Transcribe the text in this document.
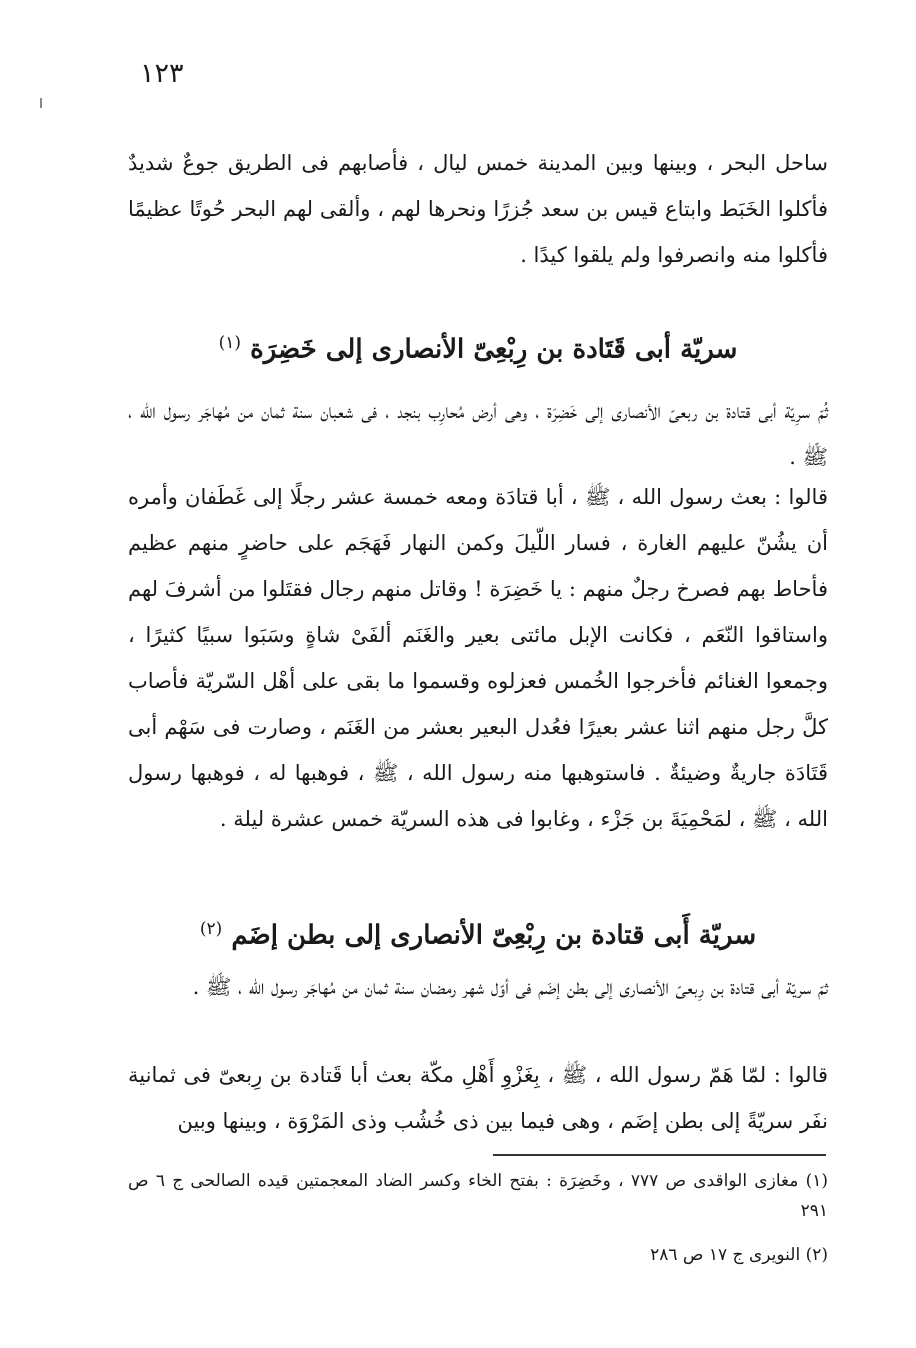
١٢٣

ساحل البحر ، وبينها وبين المدينة خمس ليال ، فأصابهم فى الطريق جوعٌ شديدٌ فأكلوا الخَبَط وابتاع قيس بن سعد جُزرًا ونحرها لهم ، وألقى لهم البحر حُوتًا عظيمًا فأكلوا منه وانصرفوا ولم يلقوا كيدًا .

سريّة أبى قَتَادة بن رِبْعِىّ الأنصارى إلى خَضِرَة $^{(١)}$

ثُمّ سرِيّة أبى قتادة بن ربعىّ الأنصارى إلى خَضِرَة ، وهى أرض مُحارِب بنجد ، فى شعبان سنة ثمان من مُهاجَر رسول الله ، ﷺ .

قالوا : بعث رسول الله ، ﷺ ، أبا قتادَة ومعه خمسة عشر رجلًا إلى غَطَفان وأمره أن يشُنّ عليهم الغارة ، فسار اللّيلَ وكمن النهار فَهَجَم على حاضرٍ منهم عظيم فأحاط بهم فصرخ رجلٌ منهم : يا خَضِرَة ! وقاتل منهم رجال فقتَلوا من أشرفَ لهم واستاقوا النّعَم ، فكانت الإبل مائتى بعير والغَنَم ألفَىْ شاةٍ وسَبَوا سبيًا كثيرًا ، وجمعوا الغنائم فأخرجوا الخُمس فعزلوه وقسموا ما بقى على أهْل السّريّة فأصاب كلَّ رجل منهم اثنا عشر بعيرًا فعُدل البعير بعشر من الغَنَم ، وصارت فى سَهْم أبى قَتَادَة جاريةٌ وضيئةٌ . فاستوهبها منه رسول الله ، ﷺ ، فوهبها له ، فوهبها رسول الله ، ﷺ ، لمَحْمِيَةَ بن جَزْء ، وغابوا فى هذه السريّة خمس عشرة ليلة .

سريّة أَبى قتادة بن رِبْعِىّ الأنصارى إلى بطن إضَم $^{(٢)}$

ثمّ سريّة أبى قتادة بن رِبعىّ الأنصارى إلى بطن إضَم فى أوّل شهر رمضان سنة ثمان من مُهاجَر رسول الله ، ﷺ .

قالوا : لمّا هَمّ رسول الله ، ﷺ ، بِغَزْوِ أَهْلِ مكّة بعث أبا قَتادة بن رِبعىّ فى ثمانية نفَر سريّةً إلى بطن إضَم ، وهى فيما بين ذى خُشُب وذى المَرْوَة ، وبينها وبين

(١) مغازى الواقدى ص ٧٧٧ ، وخَضِرَة : بفتح الخاء وكسر الضاد المعجمتين قيده الصالحى ج ٦ ص ٢٩١

(٢) النويرى ج ١٧ ص ٢٨٦
